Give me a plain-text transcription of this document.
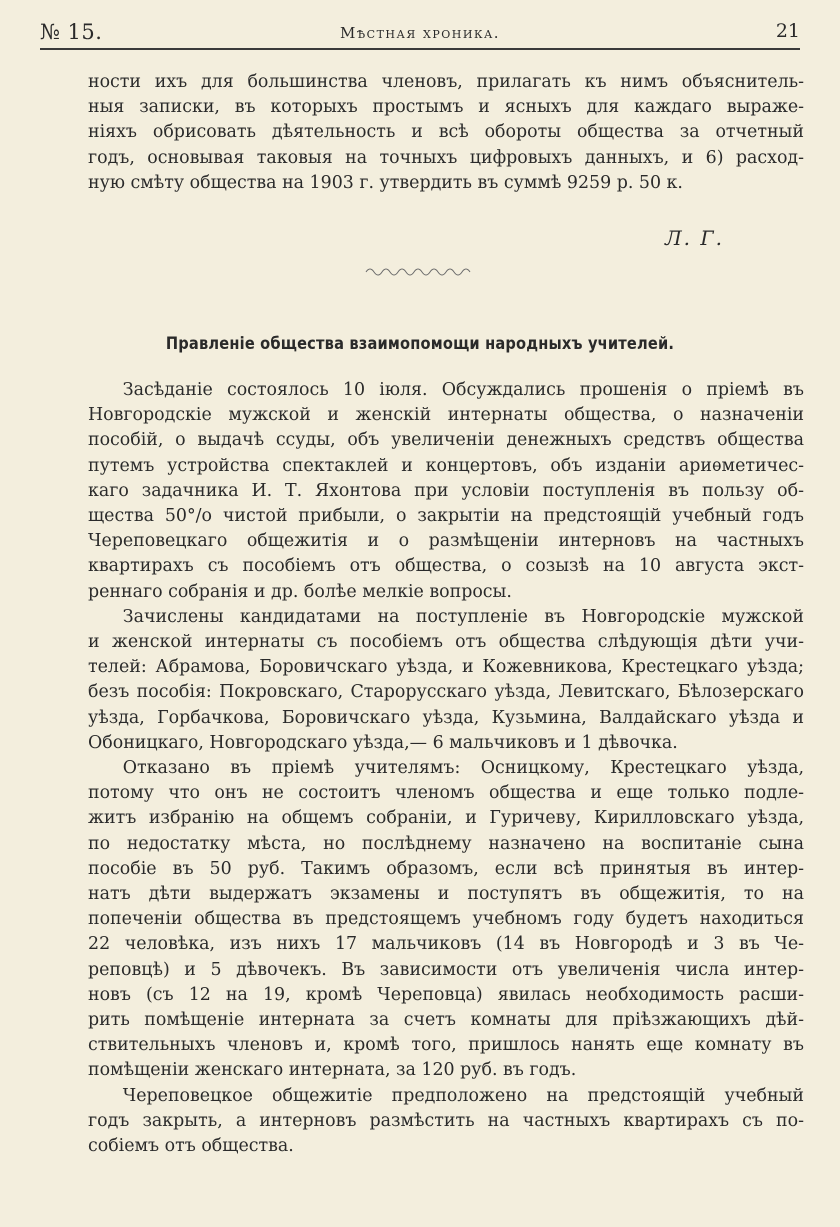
№ 15.	Мѣстная хроника.	21
ности ихъ для большинства членовъ, прилагать къ нимъ объяснитель-
ныя записки, въ которыхъ простымъ и ясныхъ для каждаго выраже-
ніяхъ обрисовать дѣятельность и всѣ обороты общества за отчетный
годъ, основывая таковыя на точныхъ цифровыхъ данныхъ, и 6) расход-
ную смѣту общества на 1903 г. утвердить въ суммѣ 9259 р. 50 к.
Л. Г.
Правленіе общества взаимопомощи народныхъ учителей.
  Засѣданіе состоялось 10 іюля. Обсуждались прошенія о пріемѣ въ
Новгородскіе мужской и женскій интернаты общества, о назначеніи
пособій, о выдачѣ ссуды, объ увеличеніи денежныхъ средствъ общества
путемъ устройства спектаклей и концертовъ, объ изданіи ариѳметичес-
каго задачника И. Т. Яхонтова при условіи поступленія въ пользу об-
щества 50°/о чистой прибыли, о закрытіи на предстоящій учебный годъ
Череповецкаго общежитія и о размѣщеніи интерновъ на частныхъ
квартирахъ съ пособіемъ отъ общества, о созызѣ на 10 августа экст-
реннаго собранія и др. болѣе мелкіе вопросы.
  Зачислены кандидатами на поступленіе въ Новгородскіе мужской
и женской интернаты съ пособіемъ отъ общества слѣдующія дѣти учи-
телей: Абрамова, Боровичскаго уѣзда, и Кожевникова, Крестецкаго уѣзда;
безъ пособія: Покровскаго, Старорусскаго уѣзда, Левитскаго, Бѣлозерскаго
уѣзда, Горбачкова, Боровичскаго уѣзда, Кузьмина, Валдайскаго уѣзда и
Обоницкаго, Новгородскаго уѣзда,— 6 мальчиковъ и 1 дѣвочка.
  Отказано въ пріемѣ учителямъ: Осницкому, Крестецкаго уѣзда,
потому что онъ не состоитъ членомъ общества и еще только подле-
житъ избранію на общемъ собраніи, и Гуричеву, Кирилловскаго уѣзда,
по недостатку мѣста, но послѣднему назначено на воспитаніе сына
пособіе въ 50 руб. Такимъ образомъ, если всѣ принятыя въ интер-
натъ дѣти выдержатъ экзамены и поступятъ въ общежитія, то на
попеченіи общества въ предстоящемъ учебномъ году будетъ находиться
22 человѣка, изъ нихъ 17 мальчиковъ (14 въ Новгородѣ и 3 въ Че-
реповцѣ) и 5 дѣвочекъ. Въ зависимости отъ увеличенія числа интер-
новъ (съ 12 на 19, кромѣ Череповца) явилась необходимость расши-
рить помѣщеніе интерната за счетъ комнаты для пріѣзжающихъ дѣй-
ствительныхъ членовъ и, кромѣ того, пришлось нанять еще комнату въ
помѣщеніи женскаго интерната, за 120 руб. въ годъ.
  Череповецкое общежитіе предположено на предстоящій учебный
годъ закрыть, а интерновъ размѣстить на частныхъ квартирахъ съ по-
собіемъ отъ общества.
